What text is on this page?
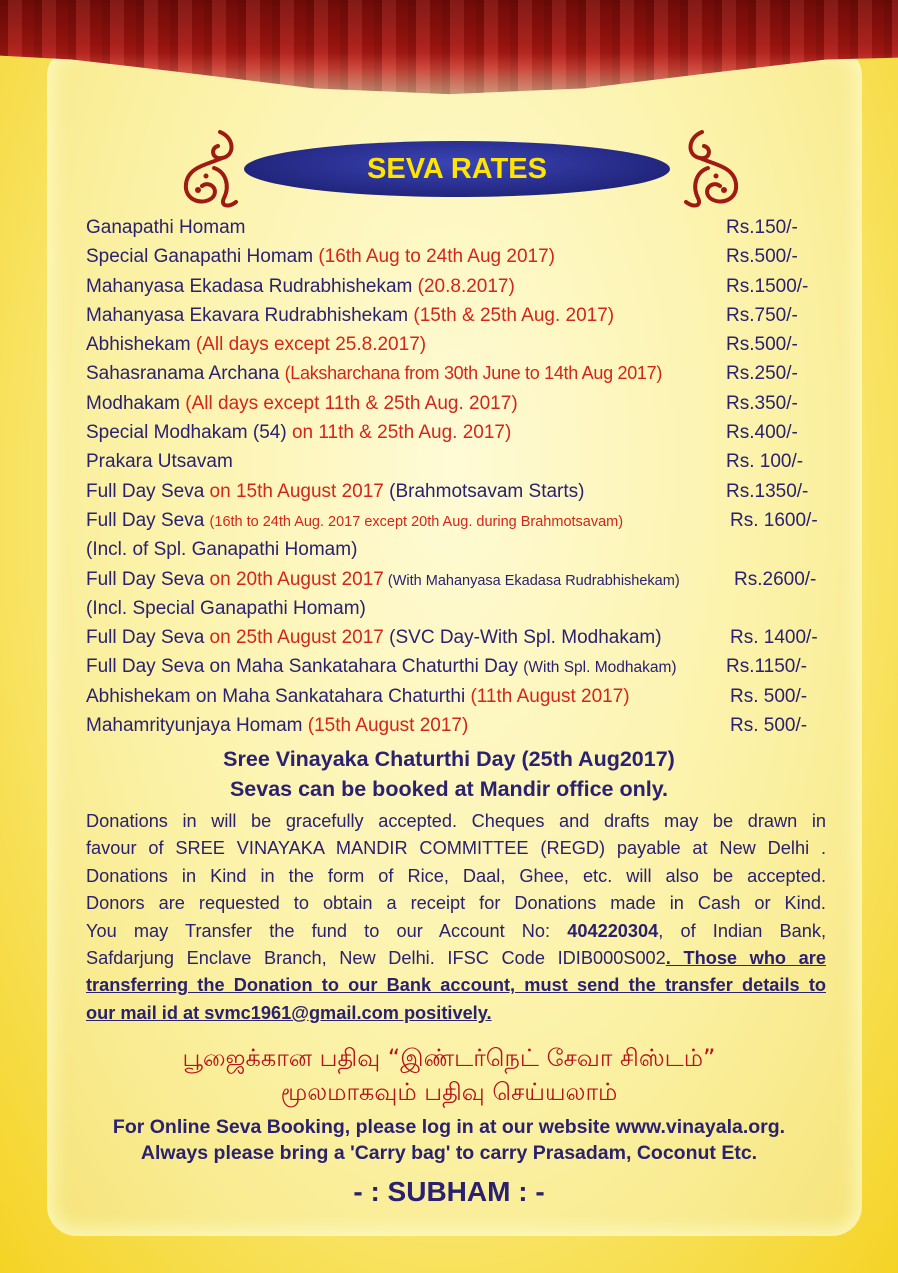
SEVA RATES
Ganapathi Homam	Rs.150/-
Special Ganapathi Homam (16th Aug to 24th Aug 2017)	Rs.500/-
Mahanyasa Ekadasa Rudrabhishekam (20.8.2017)	Rs.1500/-
Mahanyasa Ekavara Rudrabhishekam (15th & 25th Aug. 2017)	Rs.750/-
Abhishekam (All days except 25.8.2017)	Rs.500/-
Sahasranama Archana (Laksharchana from 30th June to 14th Aug 2017)	Rs.250/-
Modhakam (All days except 11th & 25th Aug. 2017)	Rs.350/-
Special Modhakam (54) on 11th & 25th Aug. 2017)	Rs.400/-
Prakara Utsavam	Rs. 100/-
Full Day Seva on 15th August 2017 (Brahmotsavam Starts)	Rs.1350/-
Full Day Seva (16th to 24th Aug. 2017 except 20th Aug. during Brahmotsavam)	Rs. 1600/-
(Incl. of Spl. Ganapathi Homam)
Full Day Seva on 20th August 2017 (With Mahanyasa Ekadasa Rudrabhishekam)	Rs.2600/-
(Incl. Special Ganapathi Homam)
Full Day Seva on 25th August 2017 (SVC Day-With Spl. Modhakam)	Rs. 1400/-
Full Day Seva on Maha Sankatahara Chaturthi Day (With Spl. Modhakam)	Rs.1150/-
Abhishekam on Maha Sankatahara Chaturthi (11th August 2017)	Rs. 500/-
Mahamrityunjaya Homam (15th August 2017)	Rs. 500/-
Sree Vinayaka Chaturthi Day (25th Aug2017)
Sevas can be booked at Mandir office only.
Donations in will be gracefully accepted. Cheques and drafts may be drawn in
favour of SREE VINAYAKA MANDIR COMMITTEE (REGD) payable at New Delhi .
Donations in Kind in the form of Rice, Daal, Ghee, etc. will also be accepted.
Donors are requested to obtain a receipt for Donations made in Cash or Kind.
You may Transfer the fund to our Account No: 404220304, of Indian Bank,
Safdarjung Enclave Branch, New Delhi. IFSC Code IDIB000S002. Those who are
transferring the Donation to our Bank account, must send the transfer details to
our mail id at svmc1961@gmail.com positively.
பூஜைக்கான பதிவு “இண்டர்நெட் சேவா சிஸ்டம்”
மூலமாகவும் பதிவு செய்யலாம்
For Online Seva Booking, please log in at our website www.vinayala.org.
Always please bring a 'Carry bag' to carry Prasadam, Coconut Etc.
- : SUBHAM : -
